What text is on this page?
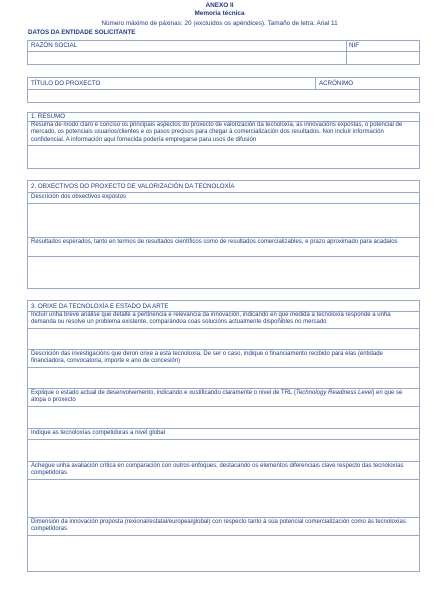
ANEXO II
Memoria técnica
Número máximo de páxinas: 20 (excluídos os apéndices). Tamaño de letra: Arial 11
DATOS DA ENTIDADE SOLICITANTE
RAZÓN SOCIAL	NIF
TÍTULO DO PROXECTO	ACRÓNIMO
1. RESUMO
Resuma de modo claro e conciso os principais aspectos do proxecto de valorización da tecnoloxía, as innovacións expostas, o potencial de mercado, os potenciais usuarios/clientes e os pasos precisos para chegar á comercialización dos resultados. Non incluír información confidencial. A información aquí fornecida podería empregarse para usos de difusión
2. OBXECTIVOS DO PROXECTO DE VALORIZACIÓN DA TECNOLOXÍA
Descrición dos obxectivos expostos
Resultados esperados, tanto en termos de resultados científicos como de resultados comercializables, e prazo aproximado para acadalos
3. ORIXE DA TECNOLOXÍA E ESTADO DA ARTE
Incluír unha breve análise que detalle a pertinencia e relevancia da innovación, indicando en que medida a tecnoloxía responde a unha demanda ou resolve un problema existente, comparándoa coas solucións actualmente dispoñibles no mercado
Descrición das investigacións que deron orixe a esta tecnoloxía. De ser o caso, indique o financiamento recibido para elas (entidade financiadora, convocatoria, importe e ano de concesión)
Explique o estado actual de desenvolvemento, indicando e xustificando claramente o nivel de TRL (Technology Readiness Level) en que se atopa o proxecto
Indique as tecnoloxías competidoras a nivel global
Achegue unha avaliación crítica en comparación con outros enfoques, destacando os elementos diferenciais clave respecto das tecnoloxías competidoras
Dimensión da innovación proposta (rexional/estatal/europea/global) con respecto tanto á súa potencial comercialización como ás tecnoloxías competidoras
